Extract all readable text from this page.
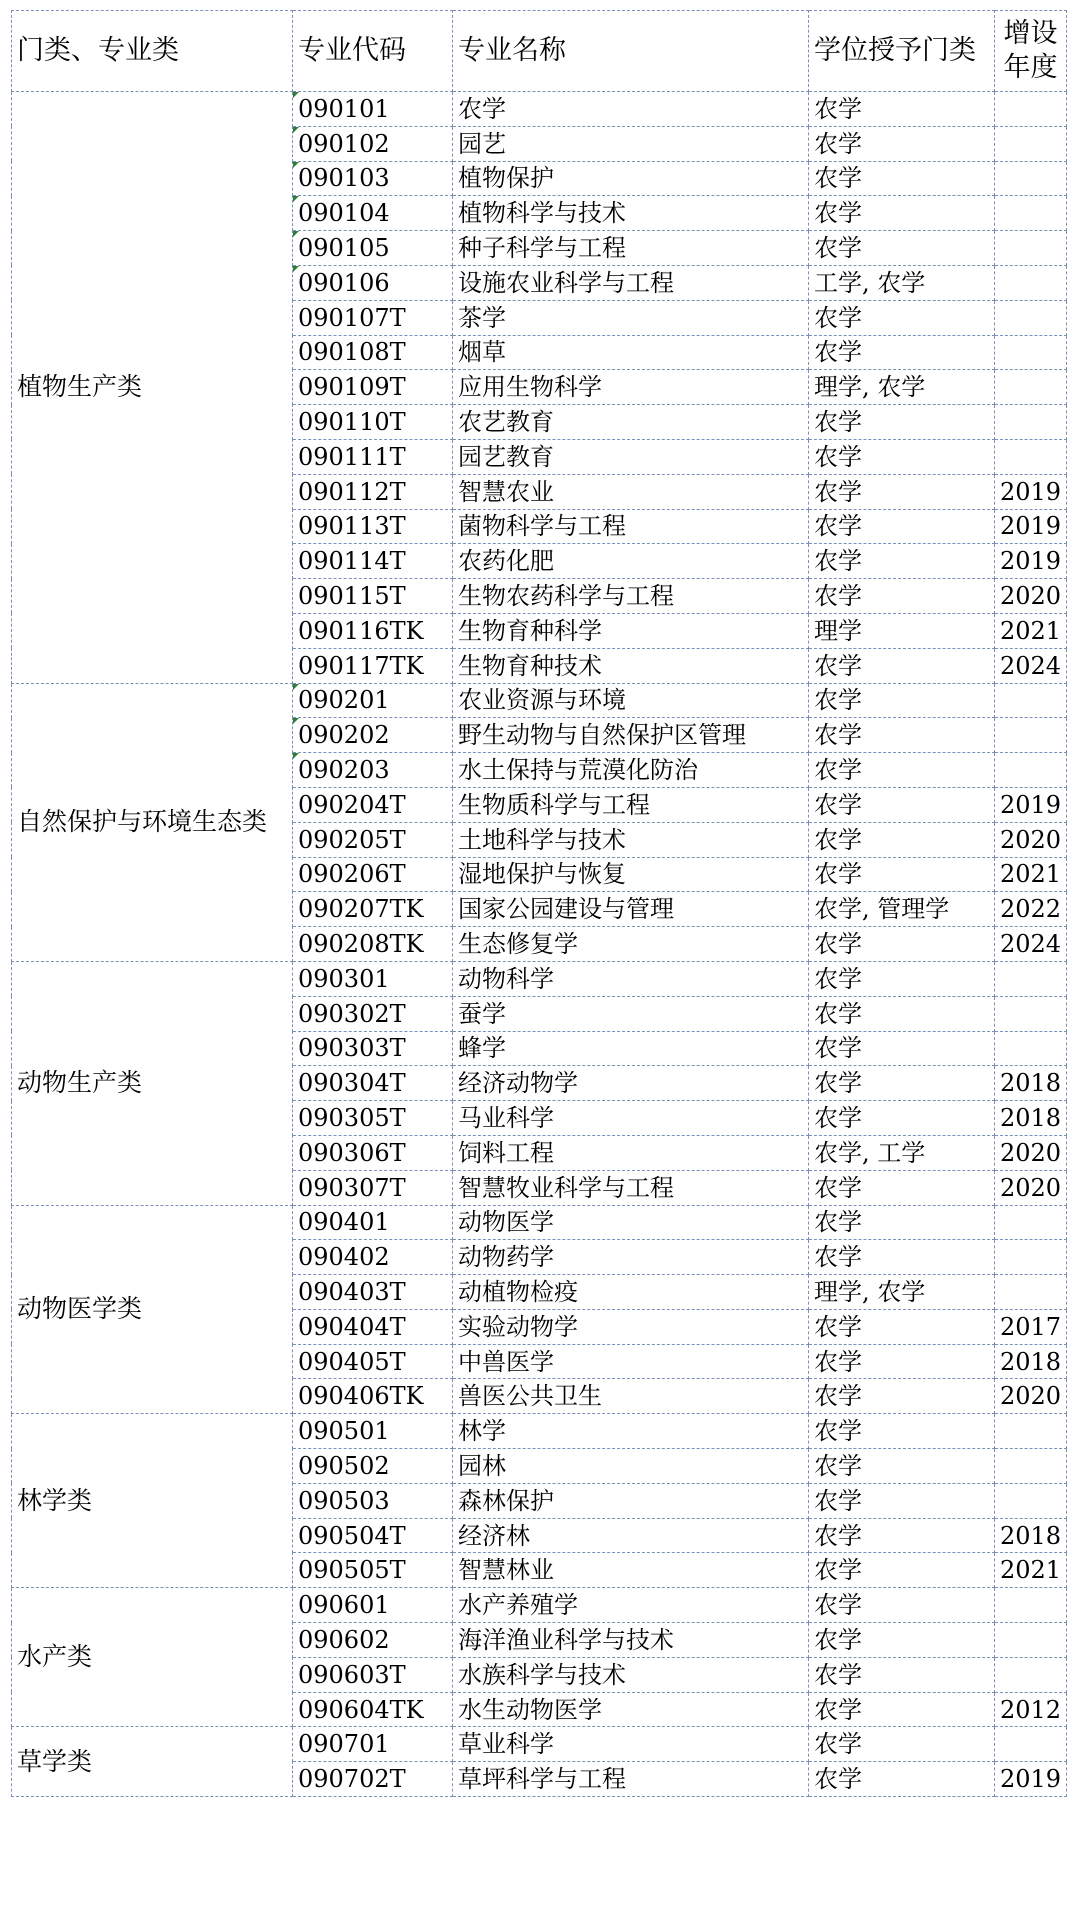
门类、专业类	专业代码	专业名称	学位授予门类	增设年度
植物生产类	090101	农学	农学	
	090102	园艺	农学	
	090103	植物保护	农学	
	090104	植物科学与技术	农学	
	090105	种子科学与工程	农学	
	090106	设施农业科学与工程	工学, 农学	
	090107T	茶学	农学	
	090108T	烟草	农学	
	090109T	应用生物科学	理学, 农学	
	090110T	农艺教育	农学	
	090111T	园艺教育	农学	
	090112T	智慧农业	农学	2019
	090113T	菌物科学与工程	农学	2019
	090114T	农药化肥	农学	2019
	090115T	生物农药科学与工程	农学	2020
	090116TK	生物育种科学	理学	2021
	090117TK	生物育种技术	农学	2024
自然保护与环境生态类	090201	农业资源与环境	农学	
	090202	野生动物与自然保护区管理	农学	
	090203	水土保持与荒漠化防治	农学	
	090204T	生物质科学与工程	农学	2019
	090205T	土地科学与技术	农学	2020
	090206T	湿地保护与恢复	农学	2021
	090207TK	国家公园建设与管理	农学, 管理学	2022
	090208TK	生态修复学	农学	2024
动物生产类	090301	动物科学	农学	
	090302T	蚕学	农学	
	090303T	蜂学	农学	
	090304T	经济动物学	农学	2018
	090305T	马业科学	农学	2018
	090306T	饲料工程	农学, 工学	2020
	090307T	智慧牧业科学与工程	农学	2020
动物医学类	090401	动物医学	农学	
	090402	动物药学	农学	
	090403T	动植物检疫	理学, 农学	
	090404T	实验动物学	农学	2017
	090405T	中兽医学	农学	2018
	090406TK	兽医公共卫生	农学	2020
林学类	090501	林学	农学	
	090502	园林	农学	
	090503	森林保护	农学	
	090504T	经济林	农学	2018
	090505T	智慧林业	农学	2021
水产类	090601	水产养殖学	农学	
	090602	海洋渔业科学与技术	农学	
	090603T	水族科学与技术	农学	
	090604TK	水生动物医学	农学	2012
草学类	090701	草业科学	农学	
	090702T	草坪科学与工程	农学	2019
